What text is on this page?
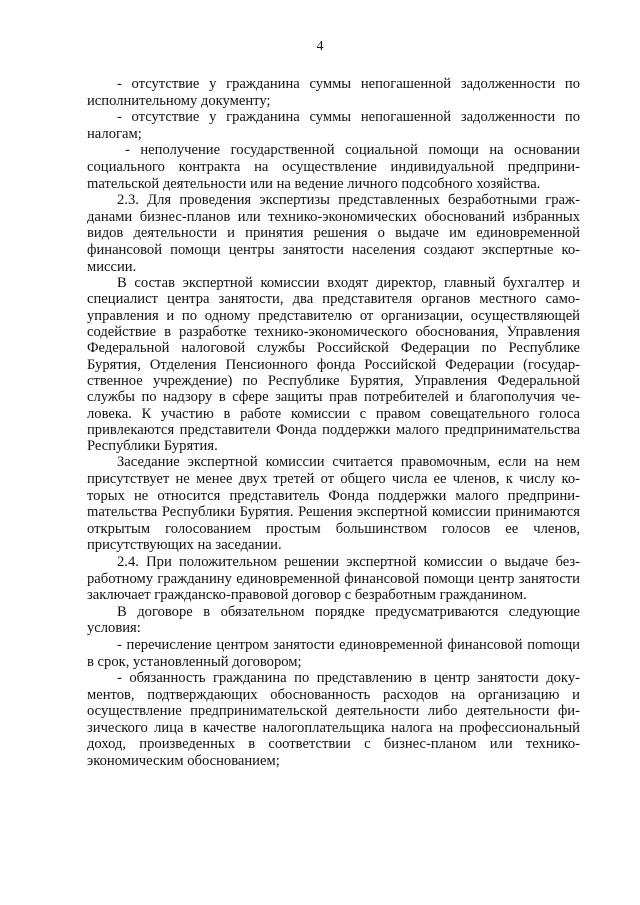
4

- отсутствие у гражданина суммы непогашенной задолженности по исполнительному документу;

- отсутствие у гражданина суммы непогашенной задолженности по налогам;

- неполучение государственной социальной помощи на основании социального контракта на осуществление индивидуальной предприниmательской деятельности или на ведение личного подсобного хозяйства.

2.3. Для проведения экспертизы представленных безработными гражданами бизнес-планов или технико-экономических обоснований избранных видов деятельности и принятия решения о выдаче им единовременной финансовой помощи центры занятости населения создают экспертные комиссии.

В состав экспертной комиссии входят директор, главный бухгалтер и специалист центра занятости, два представителя органов местного самоуправления и по одному представителю от организации, осуществляющей содействие в разработке технико-экономического обоснования, Управления Федеральной налоговой службы Российской Федерации по Республике Бурятия, Отделения Пенсионного фонда Российской Федерации (государственное учреждение) по Республике Бурятия, Управления Федеральной службы по надзору в сфере защиты прав потребителей и благополучия человека. К участию в работе комиссии с правом совещательного голоса привлекаются представители Фонда поддержки малого предпринимательства Республики Бурятия.

Заседание экспертной комиссии считается правомочным, если на нем присутствует не менее двух третей от общего числа ее членов, к числу которых не относится представитель Фонда поддержки малого предприниmательства Республики Бурятия. Решения экспертной комиссии принимаются открытым голосованием простым большинством голосов ее членов, присутствующих на заседании.

2.4. При положительном решении экспертной комиссии о выдаче безработному гражданину единовременной финансовой помощи центр занятости заключает гражданско-правовой договор с безработным гражданином.

В договоре в обязательном порядке предусматриваются следующие условия:

- перечисление центром занятости единовременной финансовой поmощи в срок, установленный договором;

- обязанность гражданина по представлению в центр занятости документов, подтверждающих обоснованность расходов на организацию и осуществление предпринимательской деятельности либо деятельности физического лица в качестве налогоплательщика налога на профессиональный доход, произведенных в соответствии с бизнес-планом или технико-экономическим обоснованием;
